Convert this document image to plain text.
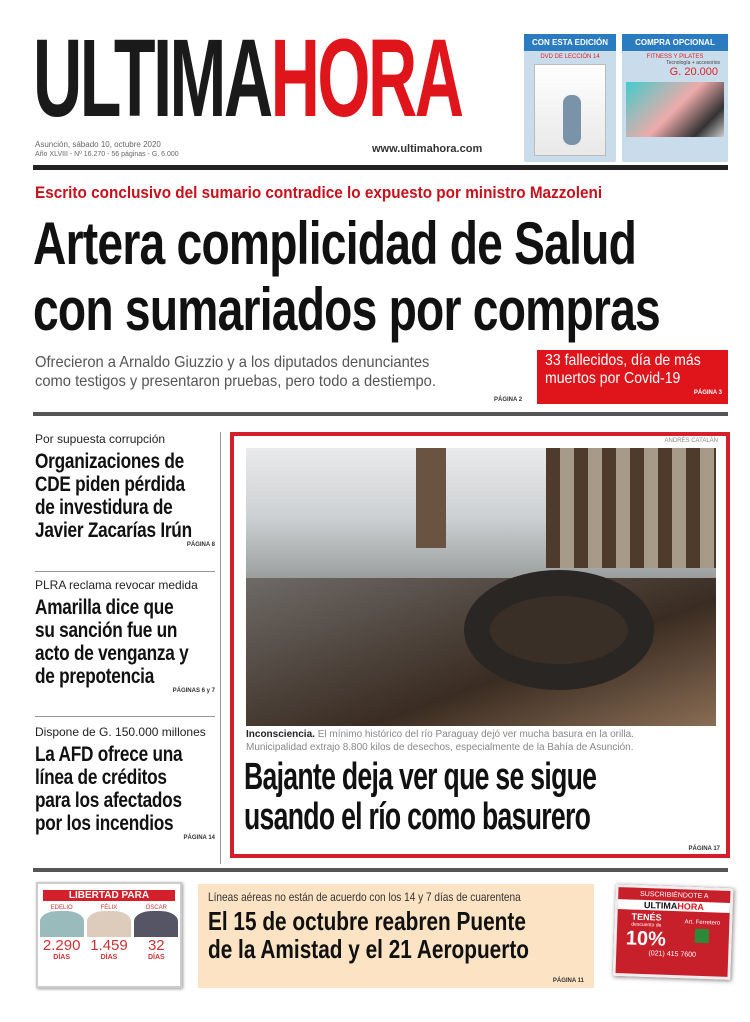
ULTIMAHORA
Asunción, sábado 10, octubre 2020
Año XLVIII - Nº 16.270 - 56 páginas - G. 6.000	www.ultimahora.com
CON ESTA EDICIÓN
DVD DE LECCIÓN 14
COMPRA OPCIONAL
FITNESS Y PILATES
Tecnología + accesorios
G. 20.000
Escrito conclusivo del sumario contradice lo expuesto por ministro Mazzoleni
Artera complicidad de Salud
con sumariados por compras
Ofrecieron a Arnaldo Giuzzio y a los diputados denunciantes
como testigos y presentaron pruebas, pero todo a destiempo.
PÁGINA 2
33 fallecidos, día de más
muertos por Covid-19
PÁGINA 3
Por supuesta corrupción
Organizaciones de
CDE piden pérdida
de investidura de
Javier Zacarías Irún
PÁGINA 8
PLRA reclama revocar medida
Amarilla dice que
su sanción fue un
acto de venganza y
de prepotencia
PÁGINAS 6 y 7
Dispone de G. 150.000 millones
La AFD ofrece una
línea de créditos
para los afectados
por los incendios
PÁGINA 14
ANDRÉS CATALÁN
Inconsciencia. El mínimo histórico del río Paraguay dejó ver mucha basura en la orilla.
Municipalidad extrajo 8.800 kilos de desechos, especialmente de la Bahía de Asunción.
Bajante deja ver que se sigue
usando el río como basurero
PÁGINA 17
LIBERTAD PARA
EDELIO
2.290
DÍAS
FÉLIX
1.459
DÍAS
ÓSCAR
32
DÍAS
Líneas aéreas no están de acuerdo con los 14 y 7 días de cuarentena
El 15 de octubre reabren Puente
de la Amistad y el 21 Aeropuerto
PÁGINA 11
SUSCRIBIÉNDOTE A
ULTIMAHORA
TENÉS
descuento de
10%
Art. Ferretero
(021) 415 7600
